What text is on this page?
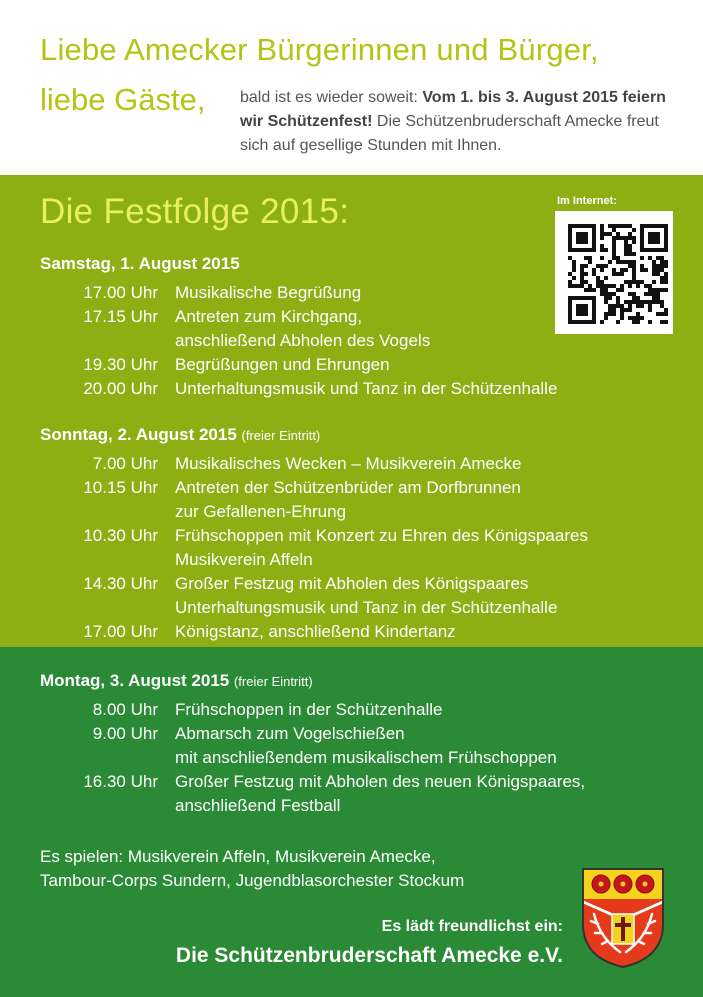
Liebe Amecker Bürgerinnen und Bürger,
liebe Gäste, bald ist es wieder soweit: Vom 1. bis 3. August 2015 feiern wir Schützenfest! Die Schützenbruderschaft Amecke freut sich auf gesellige Stunden mit Ihnen.
Die Festfolge 2015:	Im Internet:
Samstag, 1. August 2015
17.00 Uhr Musikalische Begrüßung
17.15 Uhr Antreten zum Kirchgang,
anschließend Abholen des Vogels
19.30 Uhr Begrüßungen und Ehrungen
20.00 Uhr Unterhaltungsmusik und Tanz in der Schützenhalle
Sonntag, 2. August 2015 (freier Eintritt)
7.00 Uhr Musikalisches Wecken – Musikverein Amecke
10.15 Uhr Antreten der Schützenbrüder am Dorfbrunnen
zur Gefallenen-Ehrung
10.30 Uhr Frühschoppen mit Konzert zu Ehren des Königspaares
Musikverein Affeln
14.30 Uhr Großer Festzug mit Abholen des Königspaares
Unterhaltungsmusik und Tanz in der Schützenhalle
17.00 Uhr Königstanz, anschließend Kindertanz
Montag, 3. August 2015 (freier Eintritt)
8.00 Uhr Frühschoppen in der Schützenhalle
9.00 Uhr Abmarsch zum Vogelschießen
mit anschließendem musikalischem Frühschoppen
16.30 Uhr Großer Festzug mit Abholen des neuen Königspaares,
anschließend Festball
Es spielen: Musikverein Affeln, Musikverein Amecke,
Tambour-Corps Sundern, Jugendblasorchester Stockum
Es lädt freundlichst ein:
Die Schützenbruderschaft Amecke e.V.
